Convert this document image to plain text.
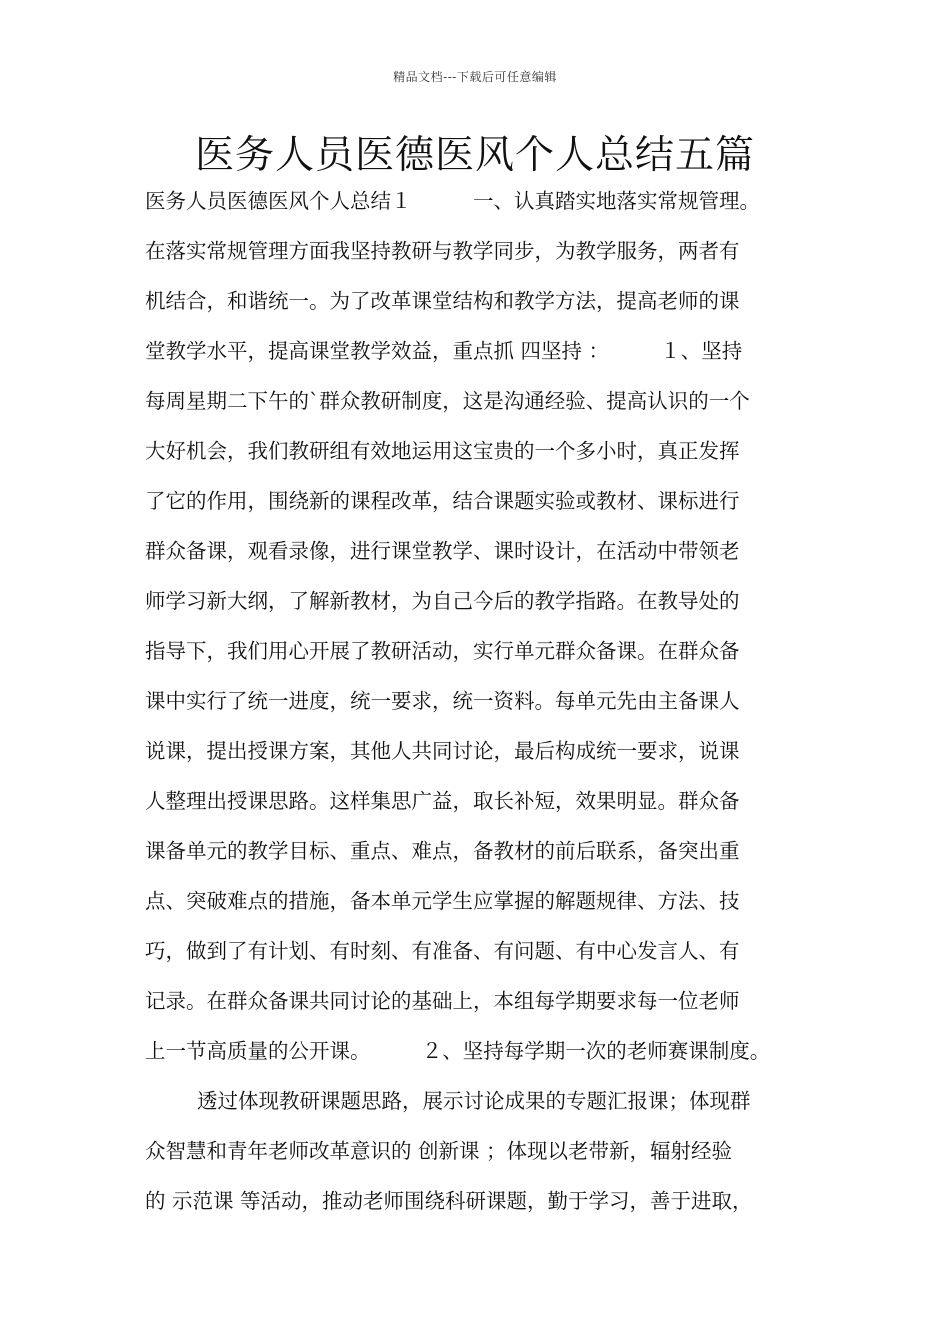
精品文档---下载后可任意编辑
医务人员医德医风个人总结五篇
医务人员医德医风个人总结１　　　一、认真踏实地落实常规管理。
在落实常规管理方面我坚持教研与教学同步，为教学服务，两者有
机结合，和谐统一。为了改革课堂结构和教学方法，提高老师的课
堂教学水平，提高课堂教学效益，重点抓 四坚持 ：　　　１、坚持
每周星期二下午的`群众教研制度，这是沟通经验、提高认识的一个
大好机会，我们教研组有效地运用这宝贵的一个多小时，真正发挥
了它的作用，围绕新的课程改革，结合课题实验或教材、课标进行
群众备课，观看录像，进行课堂教学、课时设计，在活动中带领老
师学习新大纲，了解新教材，为自己今后的教学指路。在教导处的
指导下，我们用心开展了教研活动，实行单元群众备课。在群众备
课中实行了统一进度，统一要求，统一资料。每单元先由主备课人
说课，提出授课方案，其他人共同讨论，最后构成统一要求，说课
人整理出授课思路。这样集思广益，取长补短，效果明显。群众备
课备单元的教学目标、重点、难点，备教材的前后联系，备突出重
点、突破难点的措施，备本单元学生应掌握的解题规律、方法、技
巧，做到了有计划、有时刻、有准备、有问题、有中心发言人、有
记录。在群众备课共同讨论的基础上，本组每学期要求每一位老师
上一节高质量的公开课。　　　２、坚持每学期一次的老师赛课制度。
透过体现教研课题思路，展示讨论成果的专题汇报课；体现群
众智慧和青年老师改革意识的 创新课 ；体现以老带新，辐射经验
的 示范课 等活动，推动老师围绕科研课题，勤于学习，善于进取，
